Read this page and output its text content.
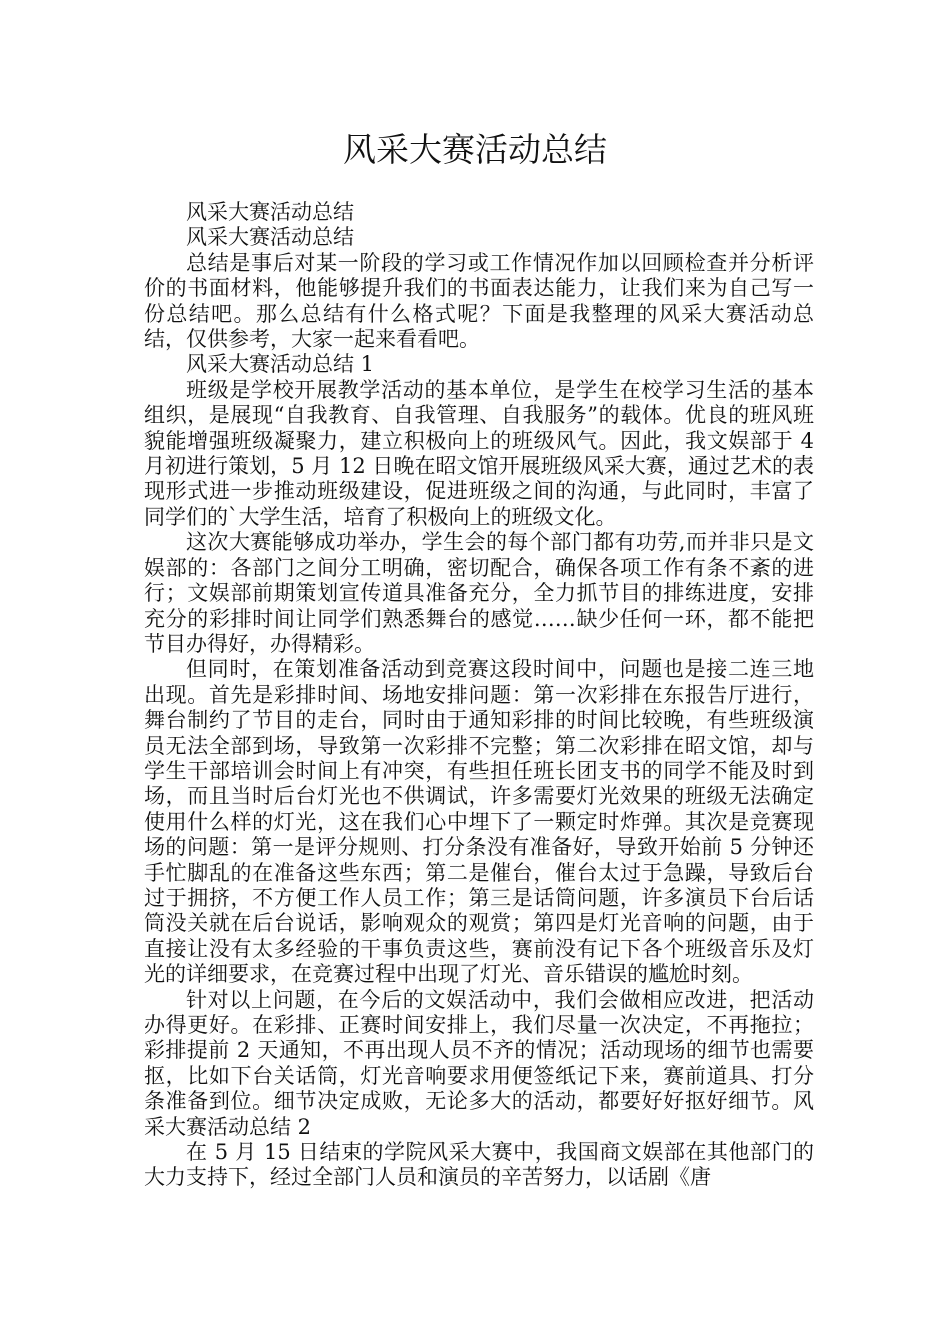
风采大赛活动总结

风采大赛活动总结

风采大赛活动总结

总结是事后对某一阶段的学习或工作情况作加以回顾检查并分析评价的书面材料，他能够提升我们的书面表达能力，让我们来为自己写一份总结吧。那么总结有什么格式呢？下面是我整理的风采大赛活动总结，仅供参考，大家一起来看看吧。

风采大赛活动总结 1

班级是学校开展教学活动的基本单位，是学生在校学习生活的基本组织，是展现“自我教育、自我管理、自我服务”的载体。优良的班风班貌能增强班级凝聚力，建立积极向上的班级风气。因此，我文娱部于 4 月初进行策划，5 月 12 日晚在昭文馆开展班级风采大赛，通过艺术的表现形式进一步推动班级建设，促进班级之间的沟通，与此同时，丰富了同学们的`大学生活，培育了积极向上的班级文化。

这次大赛能够成功举办，学生会的每个部门都有功劳,而并非只是文娱部的：各部门之间分工明确，密切配合，确保各项工作有条不紊的进行；文娱部前期策划宣传道具准备充分，全力抓节目的排练进度，安排充分的彩排时间让同学们熟悉舞台的感觉……缺少任何一环，都不能把节目办得好，办得精彩。

但同时，在策划准备活动到竞赛这段时间中，问题也是接二连三地出现。首先是彩排时间、场地安排问题：第一次彩排在东报告厅进行，舞台制约了节目的走台，同时由于通知彩排的时间比较晚，有些班级演员无法全部到场，导致第一次彩排不完整；第二次彩排在昭文馆，却与学生干部培训会时间上有冲突，有些担任班长团支书的同学不能及时到场，而且当时后台灯光也不供调试，许多需要灯光效果的班级无法确定使用什么样的灯光，这在我们心中埋下了一颗定时炸弹。其次是竞赛现场的问题：第一是评分规则、打分条没有准备好，导致开始前 5 分钟还手忙脚乱的在准备这些东西；第二是催台，催台太过于急躁，导致后台过于拥挤，不方便工作人员工作；第三是话筒问题，许多演员下台后话筒没关就在后台说话，影响观众的观赏；第四是灯光音响的问题，由于直接让没有太多经验的干事负责这些，赛前没有记下各个班级音乐及灯光的详细要求，在竞赛过程中出现了灯光、音乐错误的尴尬时刻。

针对以上问题，在今后的文娱活动中，我们会做相应改进，把活动办得更好。在彩排、正赛时间安排上，我们尽量一次决定，不再拖拉；彩排提前 2 天通知，不再出现人员不齐的情况；活动现场的细节也需要抠，比如下台关话筒，灯光音响要求用便签纸记下来，赛前道具、打分条准备到位。细节决定成败，无论多大的活动，都要好好抠好细节。风采大赛活动总结 2

在 5 月 15 日结束的学院风采大赛中，我国商文娱部在其他部门的大力支持下，经过全部门人员和演员的辛苦努力，以话剧《唐
